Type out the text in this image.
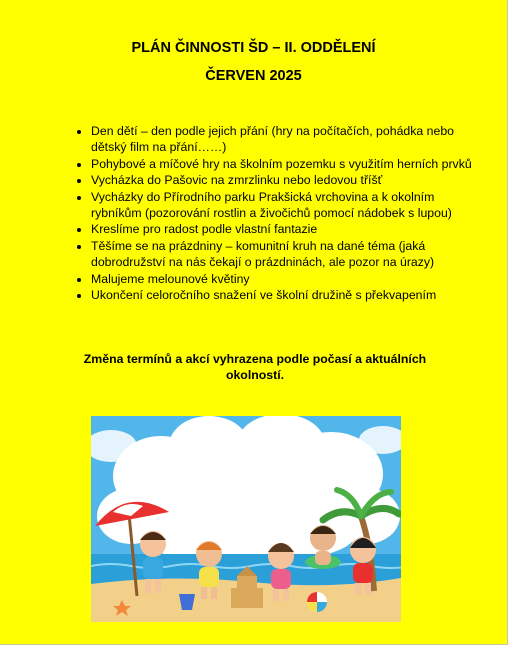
PLÁN ČINNOSTI ŠD – II. ODDĚLENÍ

ČERVEN 2025

• Den dětí – den podle jejich přání (hry na počítačích, pohádka nebo dětský film na přání……)
• Pohybové a míčové hry na školním pozemku s využitím herních prvků
• Vycházka do Pašovic na zmrzlinku nebo ledovou tříšť
• Vycházky do Přírodního parku Prakšická vrchovina a k okolním rybníkům (pozorování rostlin a živočichů pomocí nádobek s lupou)
• Kreslíme pro radost podle vlastní fantazie
• Těšíme se na prázdniny – komunitní kruh na dané téma (jaká dobrodružství na nás čekají o prázdninách, ale pozor na úrazy)
• Malujeme melounové květiny
• Ukončení celoročního snažení ve školní družině s překvapením

Změna termínů a akcí vyhrazena podle počasí a aktuálních okolností.
